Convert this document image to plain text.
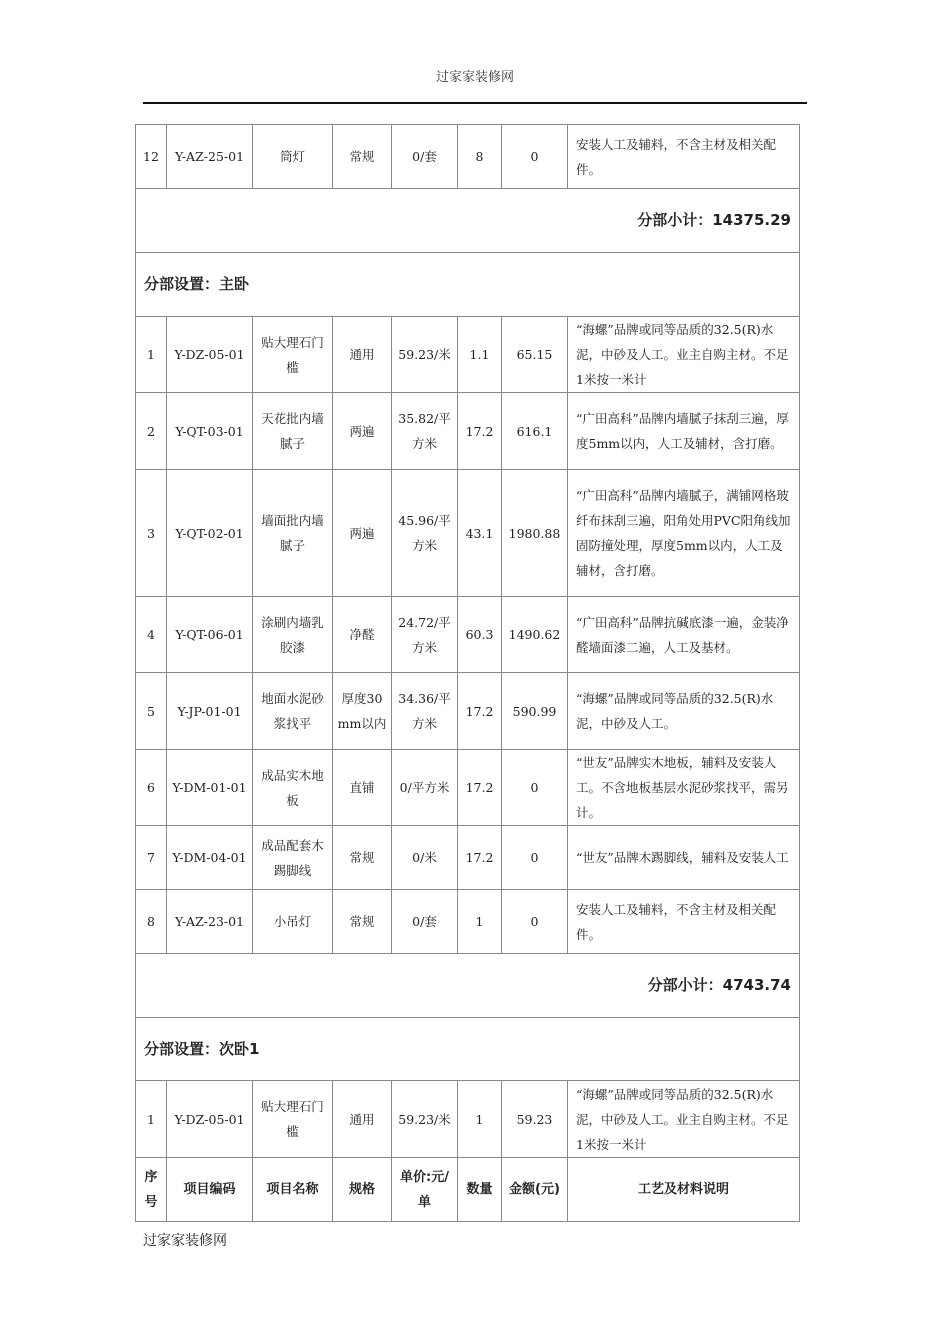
过家家装修网
12	Y-AZ-25-01	筒灯	常规	0/套	8	0	安装人工及辅料，不含主材及相关配件。
分部小计：14375.29							
分部设置：主卧							
1	Y-DZ-05-01	贴大理石门槛	通用	59.23/米	1.1	65.15	“海螺”品牌或同等品质的32.5(R)水泥，中砂及人工。业主自购主材。不足1米按一米计
2	Y-QT-03-01	天花批内墙腻子	两遍	35.82/平方米	17.2	616.1	“广田高科”品牌内墙腻子抹刮三遍，厚度5mm以内，人工及辅材，含打磨。
3	Y-QT-02-01	墙面批内墙腻子	两遍	45.96/平方米	43.1	1980.88	“广田高科”品牌内墙腻子，满铺网格玻纤布抹刮三遍，阳角处用PVC阳角线加固防撞处理，厚度5mm以内，人工及辅材，含打磨。
4	Y-QT-06-01	涂刷内墙乳胶漆	净醛	24.72/平方米	60.3	1490.62	“广田高科”品牌抗碱底漆一遍，金装净醛墙面漆二遍，人工及基材。
5	Y-JP-01-01	地面水泥砂浆找平	厚度30mm以内	34.36/平方米	17.2	590.99	“海螺”品牌或同等品质的32.5(R)水泥，中砂及人工。
6	Y-DM-01-01	成品实木地板	直铺	0/平方米	17.2	0	“世友”品牌实木地板，辅料及安装人工。不含地板基层水泥砂浆找平，需另计。
7	Y-DM-04-01	成品配套木踢脚线	常规	0/米	17.2	0	“世友”品牌木踢脚线，辅料及安装人工
8	Y-AZ-23-01	小吊灯	常规	0/套	1	0	安装人工及辅料，不含主材及相关配件。
分部小计：4743.74							
分部设置：次卧1							
1	Y-DZ-05-01	贴大理石门槛	通用	59.23/米	1	59.23	“海螺”品牌或同等品质的32.5(R)水泥，中砂及人工。业主自购主材。不足1米按一米计
序号	项目编码	项目名称	规格	单价:元/单	数量	金额(元)	工艺及材料说明
过家家装修网
